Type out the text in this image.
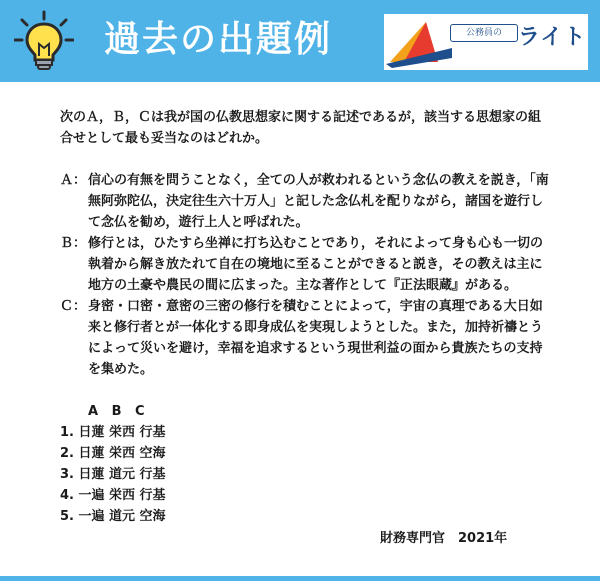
過去の出題例	公務員の ライト

次のＡ，Ｂ，Ｃは我が国の仏教思想家に関する記述であるが，該当する思想家の組合せとして最も妥当なのはどれか。

Ａ： 信心の有無を問うことなく，全ての人が救われるという念仏の教えを説き，「南無阿弥陀仏，決定往生六十万人」と記した念仏札を配りながら，諸国を遊行して念仏を勧め，遊行上人と呼ばれた。
Ｂ： 修行とは，ひたすら坐禅に打ち込むことであり，それによって身も心も一切の執着から解き放たれて自在の境地に至ることができると説き，その教えは主に地方の土豪や農民の間に広まった。主な著作として『正法眼蔵』がある。
Ｃ： 身密・口密・意密の三密の修行を積むことによって，宇宙の真理である大日如来と修行者とが一体化する即身成仏を実現しようとした。また，加持祈禱とうによって災いを避け，幸福を追求するという現世利益の面から貴族たちの支持を集めた。
A B C

1. 日蓮 栄西 行基

2. 日蓮 栄西 空海

3. 日蓮 道元 行基

4. 一遍 栄西 行基

5. 一遍 道元 空海

財務専門官　2021年
